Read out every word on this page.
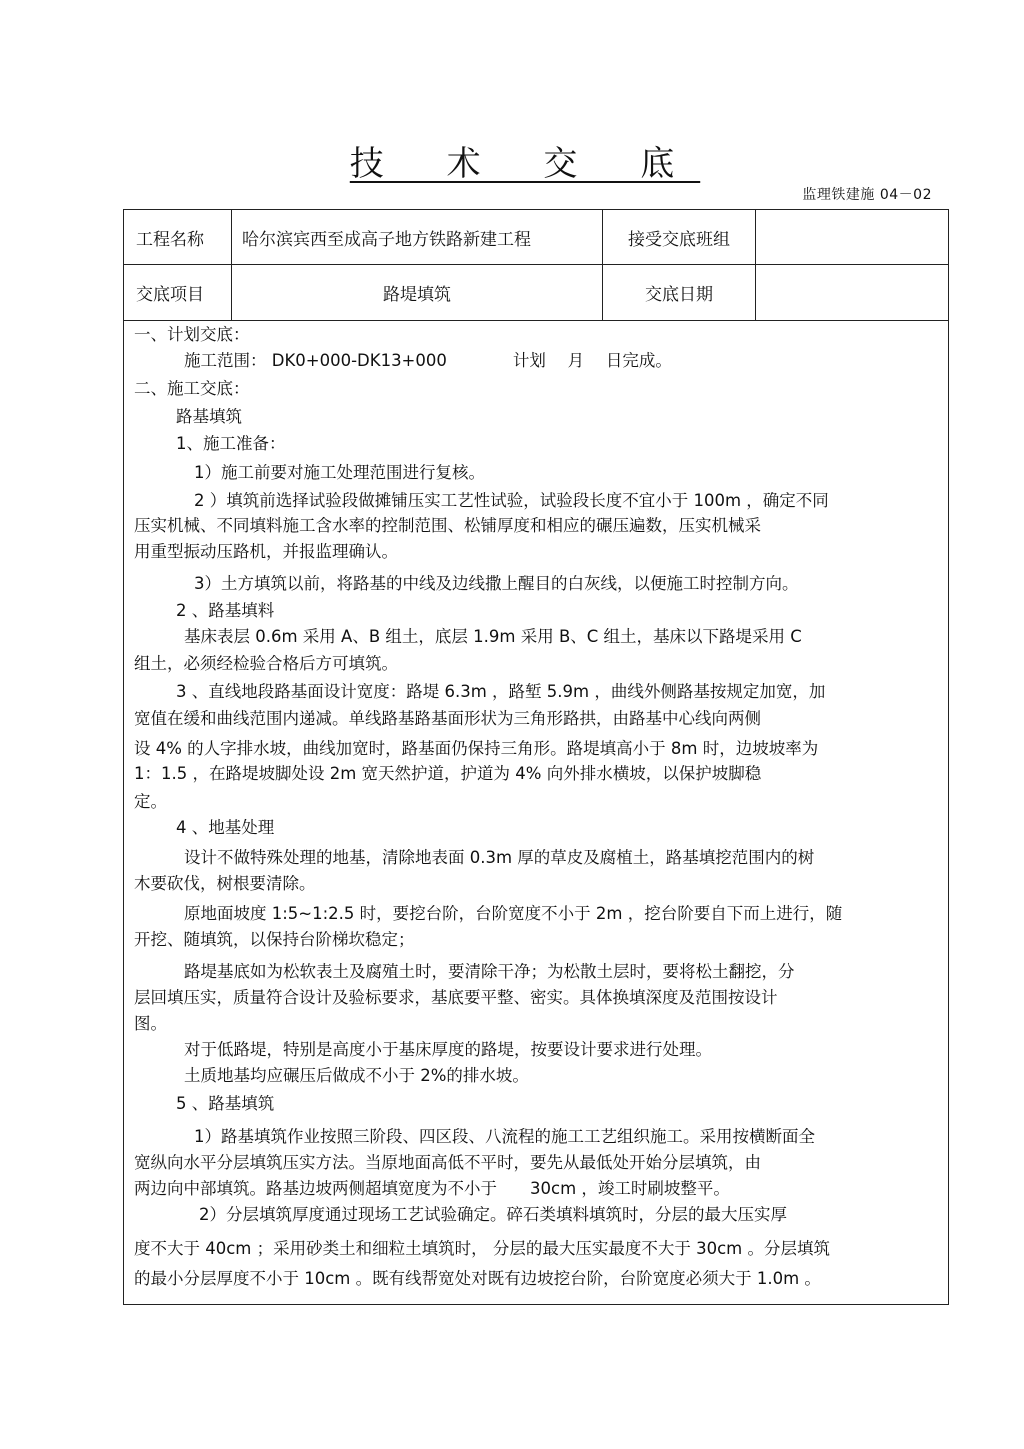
技 术 交 底
监理铁建施 04－02
工程名称	哈尔滨宾西至成高子地方铁路新建工程	接受交底班组
交底项目	路堤填筑	交底日期
一、计划交底：
施工范围： DK0+000-DK13+000　　　　计划　 月　 日完成。
二、施工交底：
路基填筑
1、施工准备：
1）施工前要对施工处理范围进行复核。
2 ）填筑前选择试验段做摊铺压实工艺性试验，试验段长度不宜小于 100m ，确定不同
压实机械、不同填料施工含水率的控制范围、松铺厚度和相应的碾压遍数，压实机械采
用重型振动压路机，并报监理确认。
3）土方填筑以前，将路基的中线及边线撒上醒目的白灰线，以便施工时控制方向。
2 、路基填料
基床表层 0.6m 采用 A、B 组土，底层 1.9m 采用 B、C 组土，基床以下路堤采用 C
组土，必须经检验合格后方可填筑。
3 、直线地段路基面设计宽度：路堤 6.3m ，路堑 5.9m ，曲线外侧路基按规定加宽，加
宽值在缓和曲线范围内递减。单线路基路基面形状为三角形路拱，由路基中心线向两侧
设 4% 的人字排水坡，曲线加宽时，路基面仍保持三角形。路堤填高小于 8m 时，边坡坡率为
1：1.5 ，在路堤坡脚处设 2m 宽天然护道，护道为 4% 向外排水横坡，以保护坡脚稳
定。
4 、地基处理
设计不做特殊处理的地基，清除地表面 0.3m 厚的草皮及腐植土，路基填挖范围内的树
木要砍伐，树根要清除。
原地面坡度 1:5~1:2.5 时，要挖台阶，台阶宽度不小于 2m ，挖台阶要自下而上进行，随
开挖、随填筑，以保持台阶梯坎稳定；
路堤基底如为松软表土及腐殖土时，要清除干净；为松散土层时，要将松土翻挖，分
层回填压实，质量符合设计及验标要求，基底要平整、密实。具体换填深度及范围按设计
图。
对于低路堤，特别是高度小于基床厚度的路堤，按要设计要求进行处理。
土质地基均应碾压后做成不小于 2%的排水坡。
5 、路基填筑
1）路基填筑作业按照三阶段、四区段、八流程的施工工艺组织施工。采用按横断面全
宽纵向水平分层填筑压实方法。当原地面高低不平时，要先从最低处开始分层填筑，由
两边向中部填筑。路基边坡两侧超填宽度为不小于　　30cm ，竣工时刷坡整平。
2）分层填筑厚度通过现场工艺试验确定。碎石类填料填筑时，分层的最大压实厚
度不大于 40cm ；采用砂类土和细粒土填筑时， 分层的最大压实最度不大于 30cm 。分层填筑
的最小分层厚度不小于 10cm 。既有线帮宽处对既有边坡挖台阶，台阶宽度必须大于 1.0m 。
